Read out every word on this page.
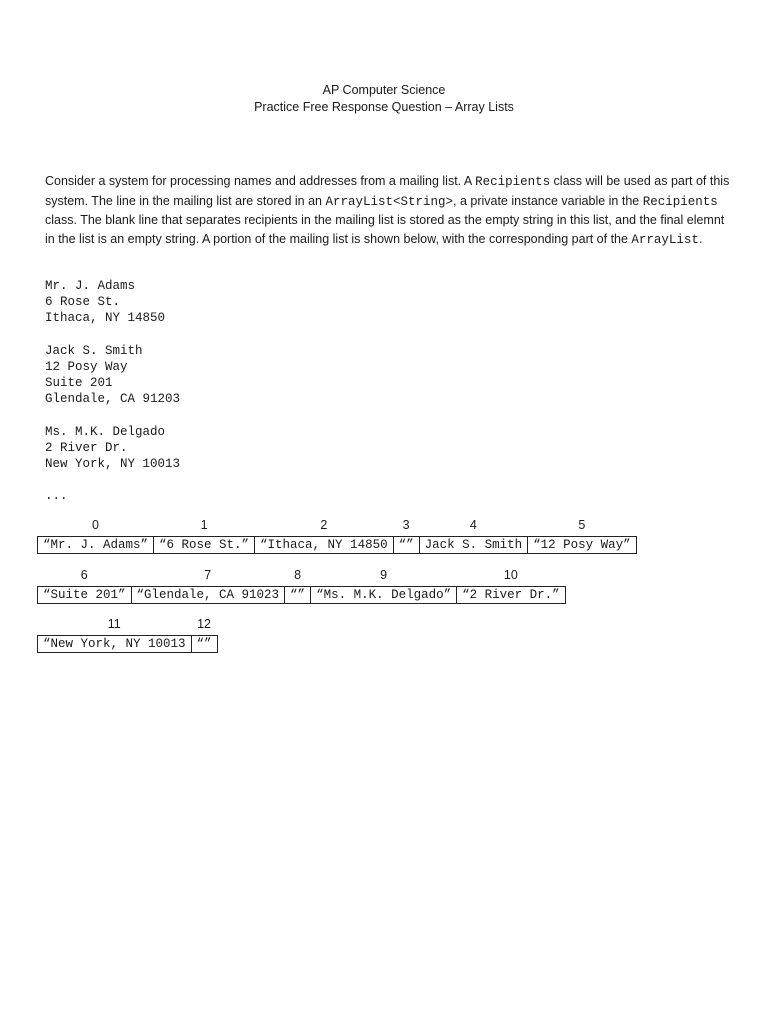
AP Computer Science
Practice Free Response Question – Array Lists

Consider a system for processing names and addresses from a mailing list. A Recipients class will be used as part of this system. The line in the mailing list are stored in an ArrayList<String>, a private instance variable in the Recipients class. The blank line that separates recipients in the mailing list is stored as the empty string in this list, and the final elemnt in the list is an empty string. A portion of the mailing list is shown below, with the corresponding part of the ArrayList.

Mr. J. Adams
6 Rose St.
Ithaca, NY 14850
Jack S. Smith
12 Posy Way
Suite 201
Glendale, CA 91203
Ms. M.K. Delgado
2 River Dr.
New York, NY 10013
...
0
“Mr. J. Adams”
1
“6 Rose St.”
2
“Ithaca, NY 14850
3
“”
4
Jack S. Smith
5
“12 Posy Way”
6
“Suite 201”
7
“Glendale, CA 91023
8
“”
9
“Ms. M.K. Delgado”
10
“2 River Dr.”
11
“New York, NY 10013
12
“”
